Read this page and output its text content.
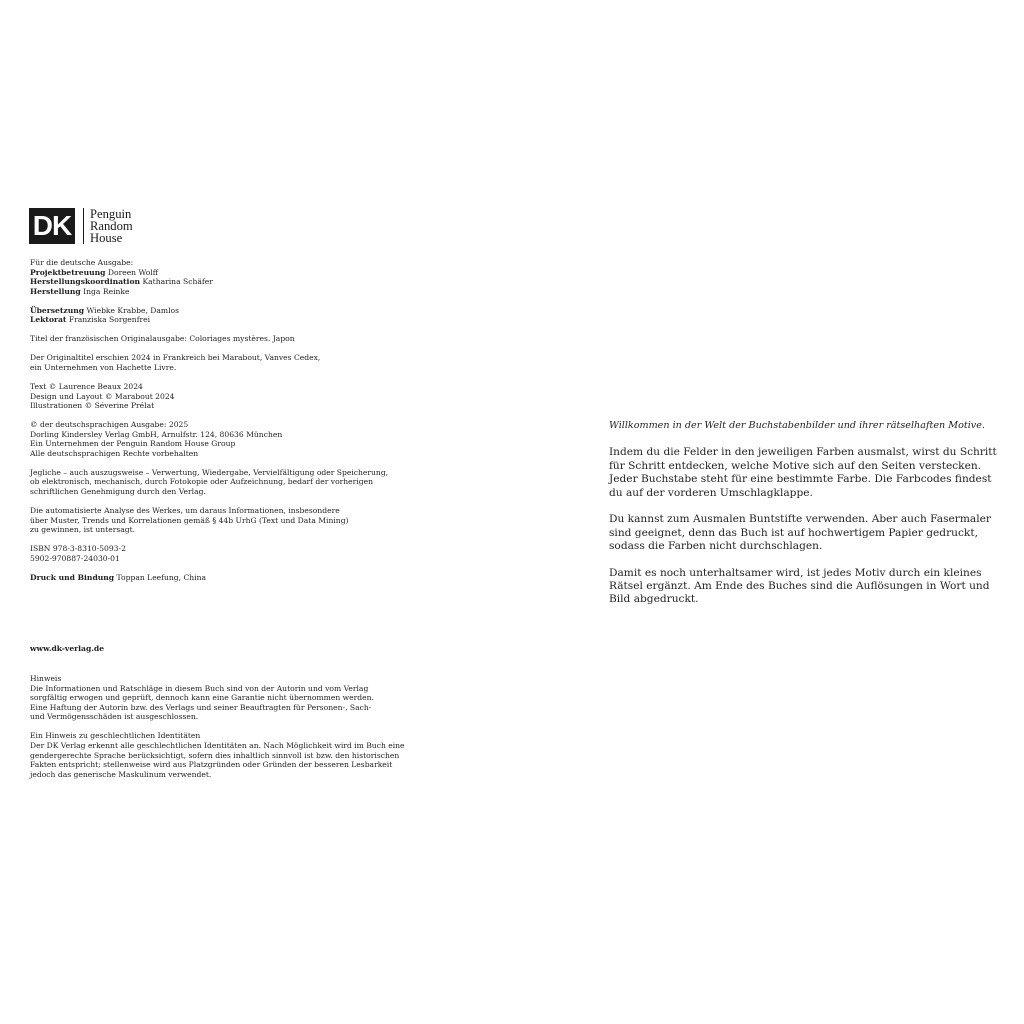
DK	Penguin
Random
House

Für die deutsche Ausgabe:

Projektbetreuung Doreen Wolff

Herstellungskoordination Katharina Schäfer

Herstellung Inga Reinke

Übersetzung Wiebke Krabbe, Damlos

Lektorat Franziska Sorgenfrei

Titel der französischen Originalausgabe: Coloriages mystères. Japon

Der Originaltitel erschien 2024 in Frankreich bei Marabout, Vanves Cedex,

ein Unternehmen von Hachette Livre.

Text © Laurence Beaux 2024

Design und Layout © Marabout 2024

Illustrationen © Séverine Prélat

© der deutschsprachigen Ausgabe: 2025

Dorling Kindersley Verlag GmbH, Arnulfstr. 124, 80636 München

Ein Unternehmen der Penguin Random House Group

Alle deutschsprachigen Rechte vorbehalten

Jegliche – auch auszugsweise – Verwertung, Wiedergabe, Vervielfältigung oder Speicherung,

ob elektronisch, mechanisch, durch Fotokopie oder Aufzeichnung, bedarf der vorherigen

schriftlichen Genehmigung durch den Verlag.

Die automatisierte Analyse des Werkes, um daraus Informationen, insbesondere

über Muster, Trends und Korrelationen gemäß § 44b UrhG (Text und Data Mining)

zu gewinnen, ist untersagt.

ISBN 978-3-8310-5093-2

5902-970887-24030-01

Druck und Bindung Toppan Leefung, China

www.dk-verlag.de

Hinweis

Die Informationen und Ratschläge in diesem Buch sind von der Autorin und vom Verlag

sorgfältig erwogen und geprüft, dennoch kann eine Garantie nicht übernommen werden.

Eine Haftung der Autorin bzw. des Verlags und seiner Beauftragten für Personen-, Sach-

und Vermögensschäden ist ausgeschlossen.

Ein Hinweis zu geschlechtlichen Identitäten

Der DK Verlag erkennt alle geschlechtlichen Identitäten an. Nach Möglichkeit wird im Buch eine

gendergerechte Sprache berücksichtigt, sofern dies inhaltlich sinnvoll ist bzw. den historischen

Fakten entspricht; stellenweise wird aus Platzgründen oder Gründen der besseren Lesbarkeit

jedoch das generische Maskulinum verwendet.

Willkommen in der Welt der Buchstabenbilder und ihrer rätselhaften Motive.

Indem du die Felder in den jeweiligen Farben ausmalst, wirst du Schritt
für Schritt entdecken, welche Motive sich auf den Seiten verstecken.
Jeder Buchstabe steht für eine bestimmte Farbe. Die Farbcodes findest
du auf der vorderen Umschlagklappe.

Du kannst zum Ausmalen Buntstifte verwenden. Aber auch Fasermaler
sind geeignet, denn das Buch ist auf hochwertigem Papier gedruckt,
sodass die Farben nicht durchschlagen.

Damit es noch unterhaltsamer wird, ist jedes Motiv durch ein kleines
Rätsel ergänzt. Am Ende des Buches sind die Auflösungen in Wort und
Bild abgedruckt.
